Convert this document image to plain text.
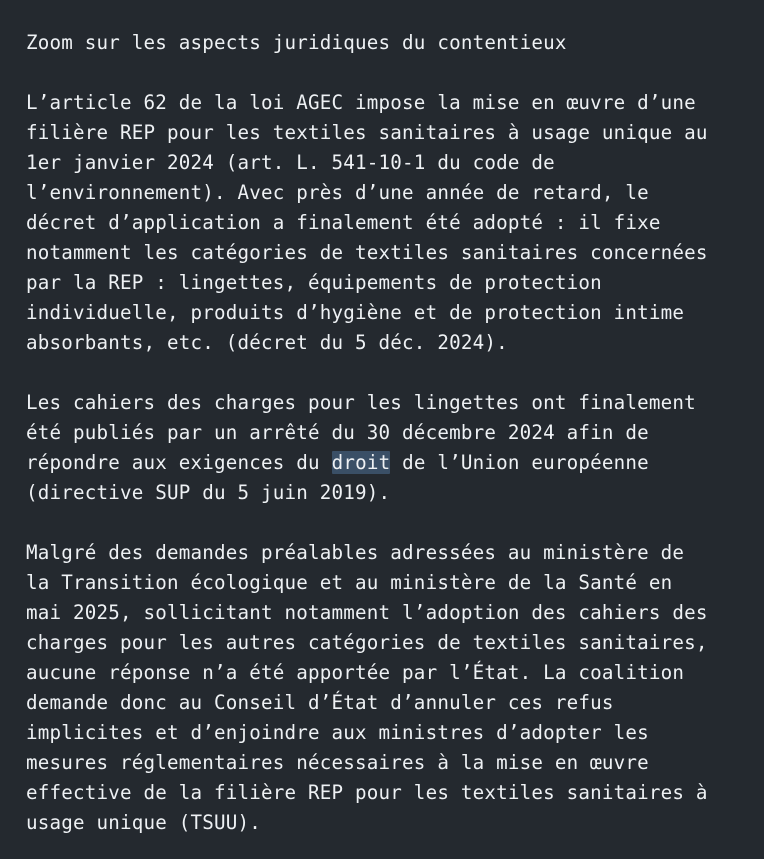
Zoom sur les aspects juridiques du contentieux
L’article 62 de la loi AGEC impose la mise en œuvre d’une
filière REP pour les textiles sanitaires à usage unique au
1er janvier 2024 (art. L. 541‑10‑1 du code de
l’environnement). Avec près d’une année de retard, le
décret d’application a finalement été adopté : il fixe
notamment les catégories de textiles sanitaires concernées
par la REP : lingettes, équipements de protection
individuelle, produits d’hygiène et de protection intime
absorbants, etc. (décret du 5 déc. 2024).
Les cahiers des charges pour les lingettes ont finalement
été publiés par un arrêté du 30 décembre 2024 afin de
répondre aux exigences du droit de l’Union européenne
(directive SUP du 5 juin 2019).
Malgré des demandes préalables adressées au ministère de
la Transition écologique et au ministère de la Santé en
mai 2025, sollicitant notamment l’adoption des cahiers des
charges pour les autres catégories de textiles sanitaires,
aucune réponse n’a été apportée par l’État. La coalition
demande donc au Conseil d’État d’annuler ces refus
implicites et d’enjoindre aux ministres d’adopter les
mesures réglementaires nécessaires à la mise en œuvre
effective de la filière REP pour les textiles sanitaires à
usage unique (TSUU).
